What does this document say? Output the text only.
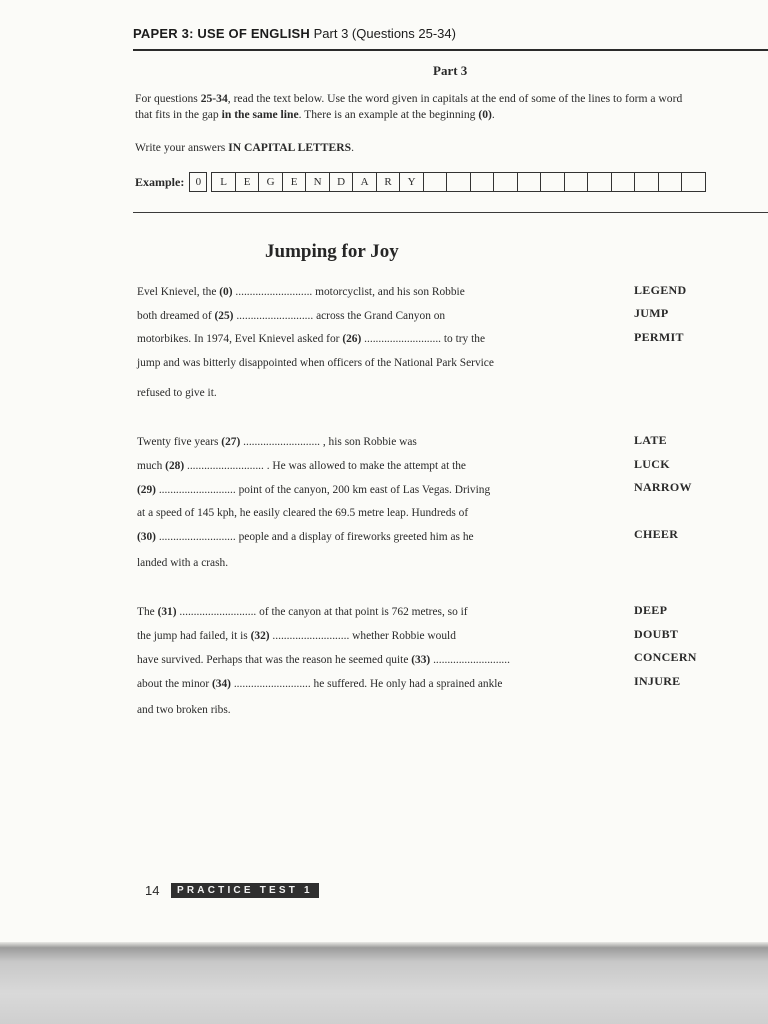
PAPER 3: USE OF ENGLISH Part 3 (Questions 25-34)
Part 3
For questions 25-34, read the text below. Use the word given in capitals at the end of some of the lines to form a word
that fits in the gap in the same line. There is an example at the beginning (0).
Write your answers IN CAPITAL LETTERS.
Example:	0	L	E	G	E	N	D	A	R	Y
Jumping for Joy
Evel Knievel, the (0) ........................... motorcyclist, and his son Robbie
both dreamed of (25) ........................... across the Grand Canyon on
motorbikes. In 1974, Evel Knievel asked for (26) ........................... to try the
jump and was bitterly disappointed when officers of the National Park Service
refused to give it.
Twenty five years (27) ........................... , his son Robbie was
much (28) ........................... . He was allowed to make the attempt at the
(29) ........................... point of the canyon, 200 km east of Las Vegas. Driving
at a speed of 145 kph, he easily cleared the 69.5 metre leap. Hundreds of
(30) ........................... people and a display of fireworks greeted him as he
landed with a crash.
The (31) ........................... of the canyon at that point is 762 metres, so if
the jump had failed, it is (32) ........................... whether Robbie would
have survived. Perhaps that was the reason he seemed quite (33) ...........................
about the minor (34) ........................... he suffered. He only had a sprained ankle
and two broken ribs.
LEGEND
JUMP
PERMIT
LATE
LUCK
NARROW
CHEER
DEEP
DOUBT
CONCERN
INJURE
14	PRACTICE TEST 1
